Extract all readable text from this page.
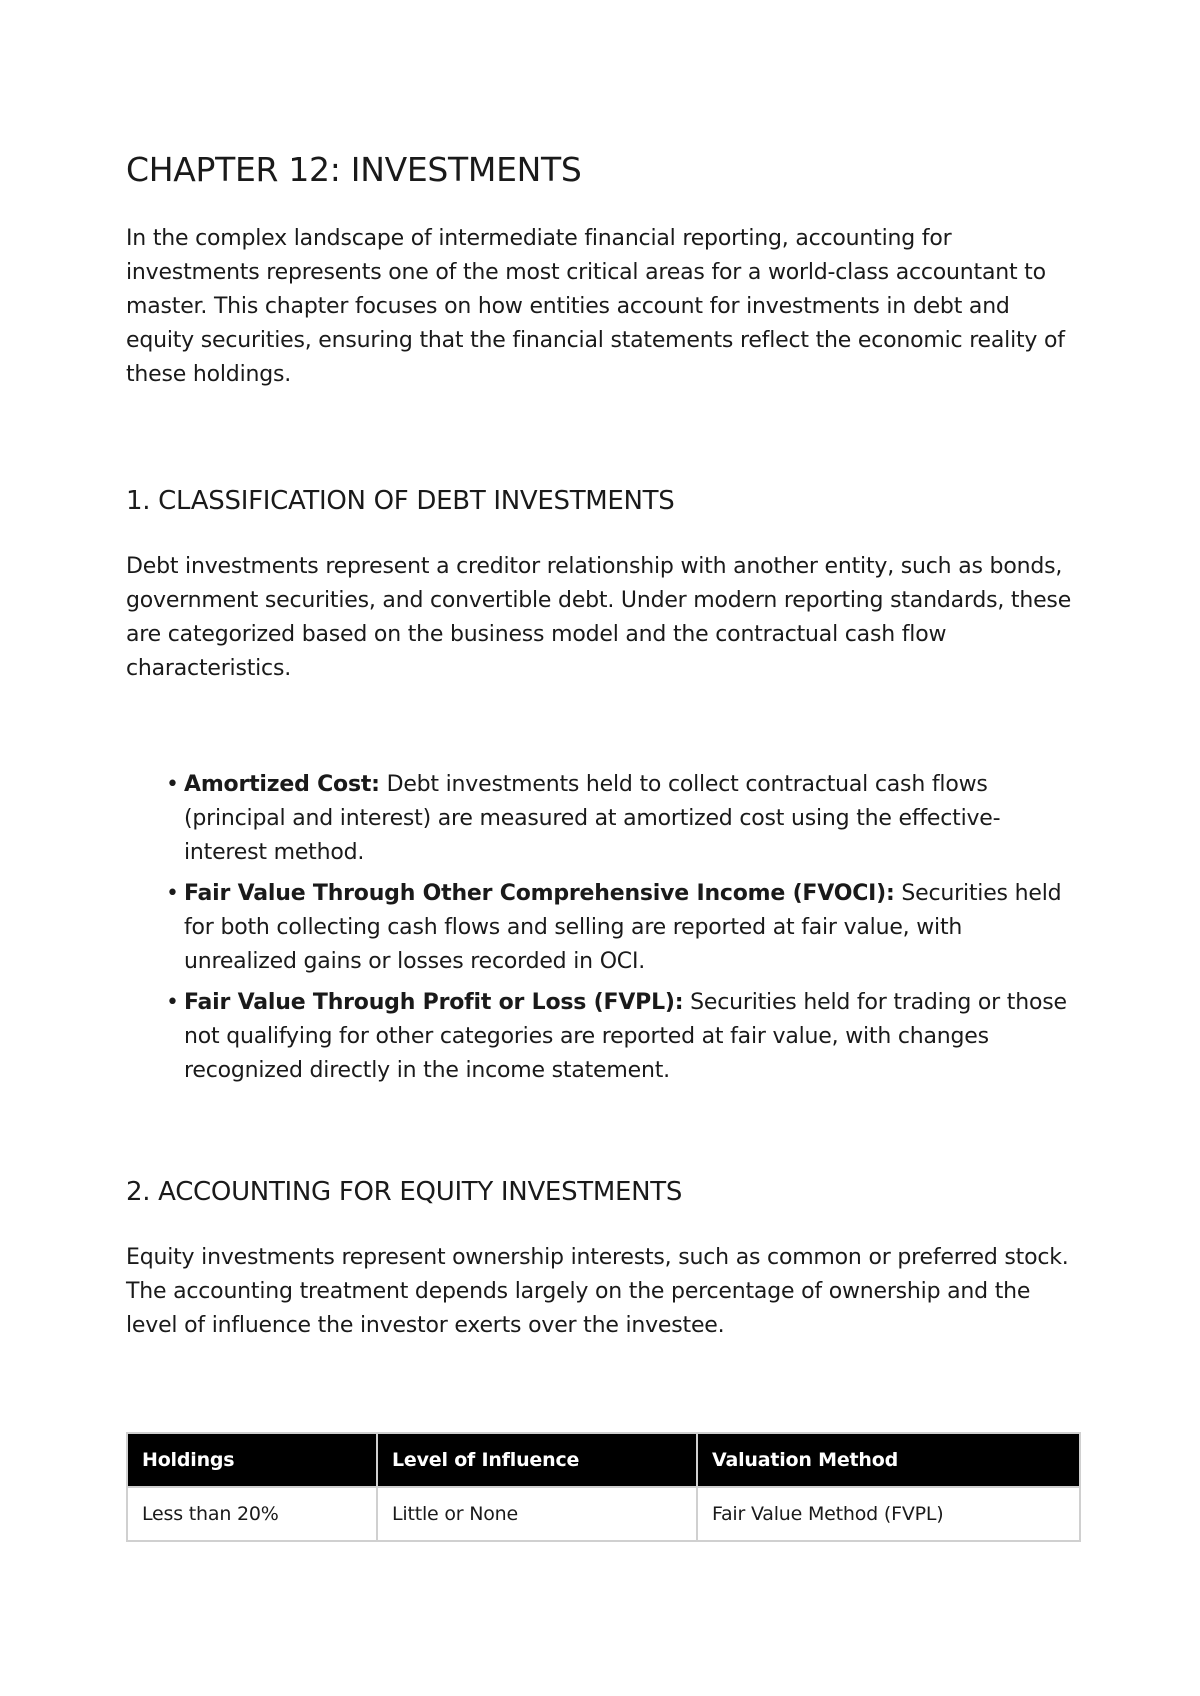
CHAPTER 12: INVESTMENTS

In the complex landscape of intermediate financial reporting, accounting for investments represents one of the most critical areas for a world-class accountant to master. This chapter focuses on how entities account for investments in debt and equity securities, ensuring that the financial statements reflect the economic reality of these holdings.

1. CLASSIFICATION OF DEBT INVESTMENTS

Debt investments represent a creditor relationship with another entity, such as bonds, government securities, and convertible debt. Under modern reporting standards, these are categorized based on the business model and the contractual cash flow characteristics.

• Amortized Cost: Debt investments held to collect contractual cash flows (principal and interest) are measured at amortized cost using the effective-interest method.
• Fair Value Through Other Comprehensive Income (FVOCI): Securities held for both collecting cash flows and selling are reported at fair value, with unrealized gains or losses recorded in OCI.
• Fair Value Through Profit or Loss (FVPL): Securities held for trading or those not qualifying for other categories are reported at fair value, with changes recognized directly in the income statement.
2. ACCOUNTING FOR EQUITY INVESTMENTS

Equity investments represent ownership interests, such as common or preferred stock. The accounting treatment depends largely on the percentage of ownership and the level of influence the investor exerts over the investee.

Holdings	Level of Influence	Valuation Method
Less than 20%	Little or None	Fair Value Method (FVPL)
